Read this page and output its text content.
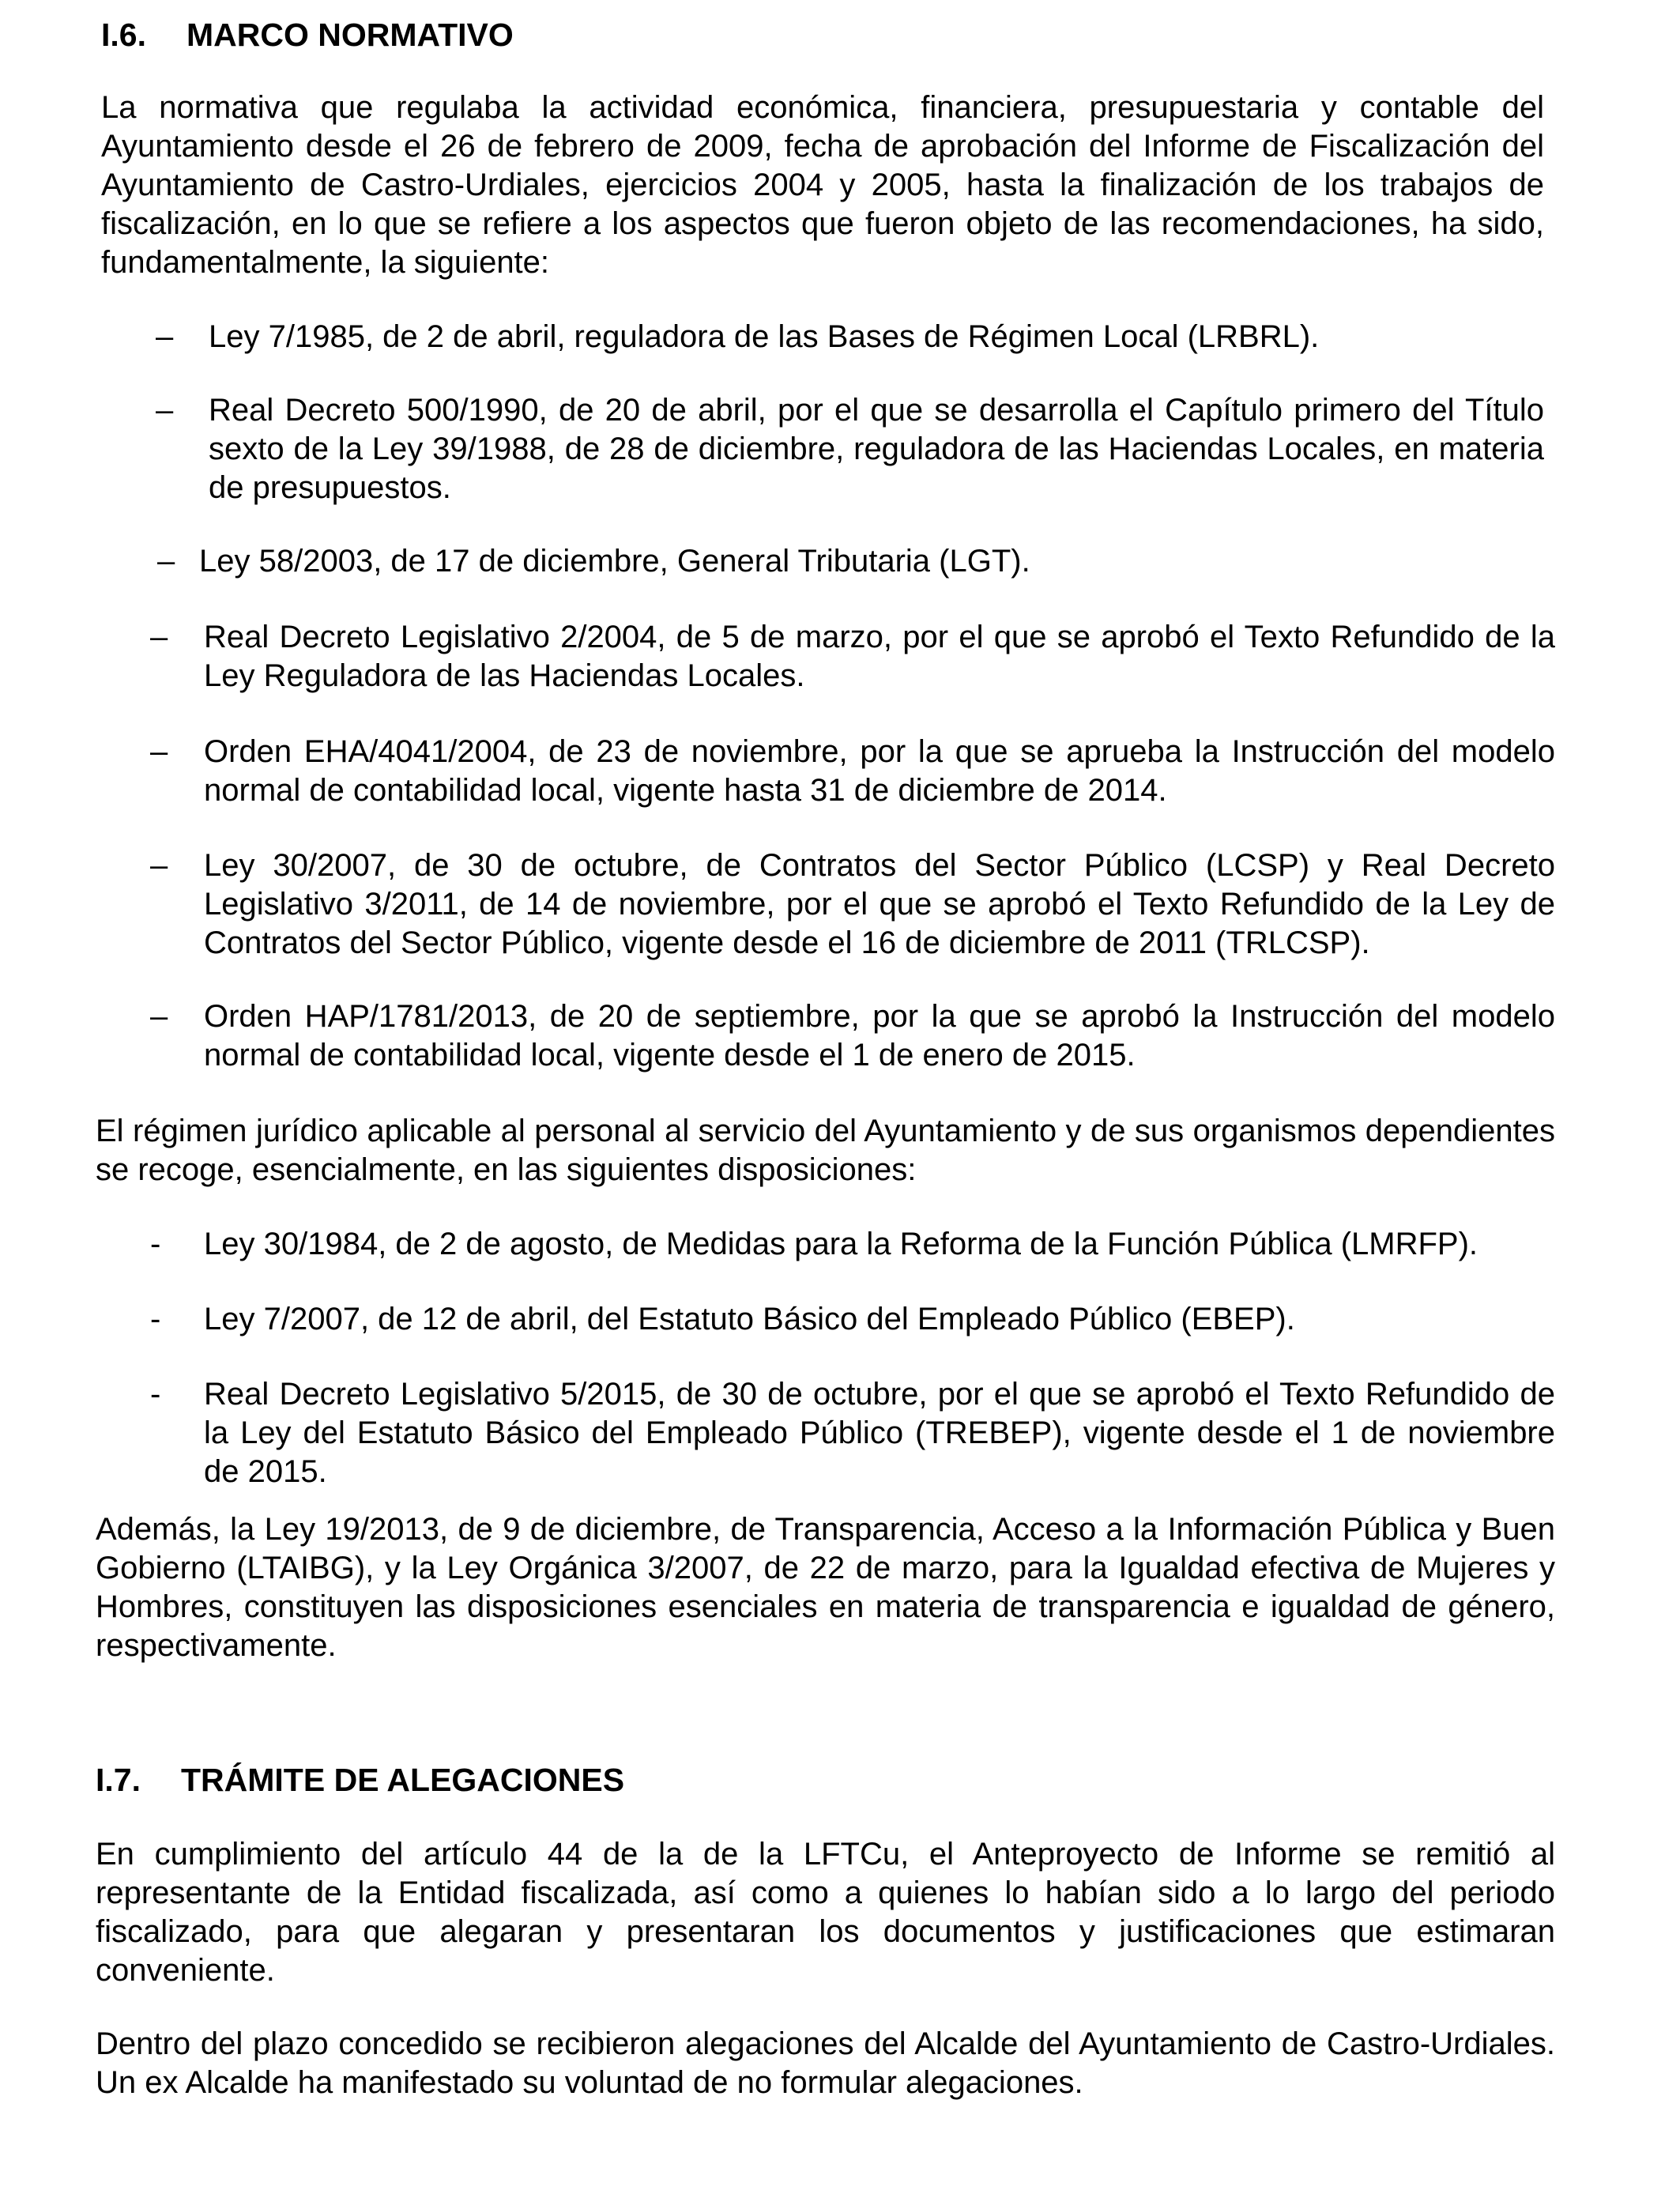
I.6. MARCO NORMATIVO
La normativa que regulaba la actividad económica, financiera, presupuestaria y contable del Ayuntamiento desde el 26 de febrero de 2009, fecha de aprobación del Informe de Fiscalización del Ayuntamiento de Castro-Urdiales, ejercicios 2004 y 2005, hasta la finalización de los trabajos de fiscalización, en lo que se refiere a los aspectos que fueron objeto de las recomendaciones, ha sido, fundamentalmente, la siguiente:
– Ley 7/1985, de 2 de abril, reguladora de las Bases de Régimen Local (LRBRL).
– Real Decreto 500/1990, de 20 de abril, por el que se desarrolla el Capítulo primero del Título sexto de la Ley 39/1988, de 28 de diciembre, reguladora de las Haciendas Locales, en materia de presupuestos.
– Ley 58/2003, de 17 de diciembre, General Tributaria (LGT).
– Real Decreto Legislativo 2/2004, de 5 de marzo, por el que se aprobó el Texto Refundido de la Ley Reguladora de las Haciendas Locales.
– Orden EHA/4041/2004, de 23 de noviembre, por la que se aprueba la Instrucción del modelo normal de contabilidad local, vigente hasta 31 de diciembre de 2014.
– Ley 30/2007, de 30 de octubre, de Contratos del Sector Público (LCSP) y Real Decreto Legislativo 3/2011, de 14 de noviembre, por el que se aprobó el Texto Refundido de la Ley de Contratos del Sector Público, vigente desde el 16 de diciembre de 2011 (TRLCSP).
– Orden HAP/1781/2013, de 20 de septiembre, por la que se aprobó la Instrucción del modelo normal de contabilidad local, vigente desde el 1 de enero de 2015.
El régimen jurídico aplicable al personal al servicio del Ayuntamiento y de sus organismos dependientes se recoge, esencialmente, en las siguientes disposiciones:
- Ley 30/1984, de 2 de agosto, de Medidas para la Reforma de la Función Pública (LMRFP).
- Ley 7/2007, de 12 de abril, del Estatuto Básico del Empleado Público (EBEP).
- Real Decreto Legislativo 5/2015, de 30 de octubre, por el que se aprobó el Texto Refundido de la Ley del Estatuto Básico del Empleado Público (TREBEP), vigente desde el 1 de noviembre de 2015.
Además, la Ley 19/2013, de 9 de diciembre, de Transparencia, Acceso a la Información Pública y Buen Gobierno (LTAIBG), y la Ley Orgánica 3/2007, de 22 de marzo, para la Igualdad efectiva de Mujeres y Hombres, constituyen las disposiciones esenciales en materia de transparencia e igualdad de género, respectivamente.
I.7. TRÁMITE DE ALEGACIONES
En cumplimiento del artículo 44 de la de la LFTCu, el Anteproyecto de Informe se remitió al representante de la Entidad fiscalizada, así como a quienes lo habían sido a lo largo del periodo fiscalizado, para que alegaran y presentaran los documentos y justificaciones que estimaran conveniente.
Dentro del plazo concedido se recibieron alegaciones del Alcalde del Ayuntamiento de Castro-Urdiales. Un ex Alcalde ha manifestado su voluntad de no formular alegaciones.
